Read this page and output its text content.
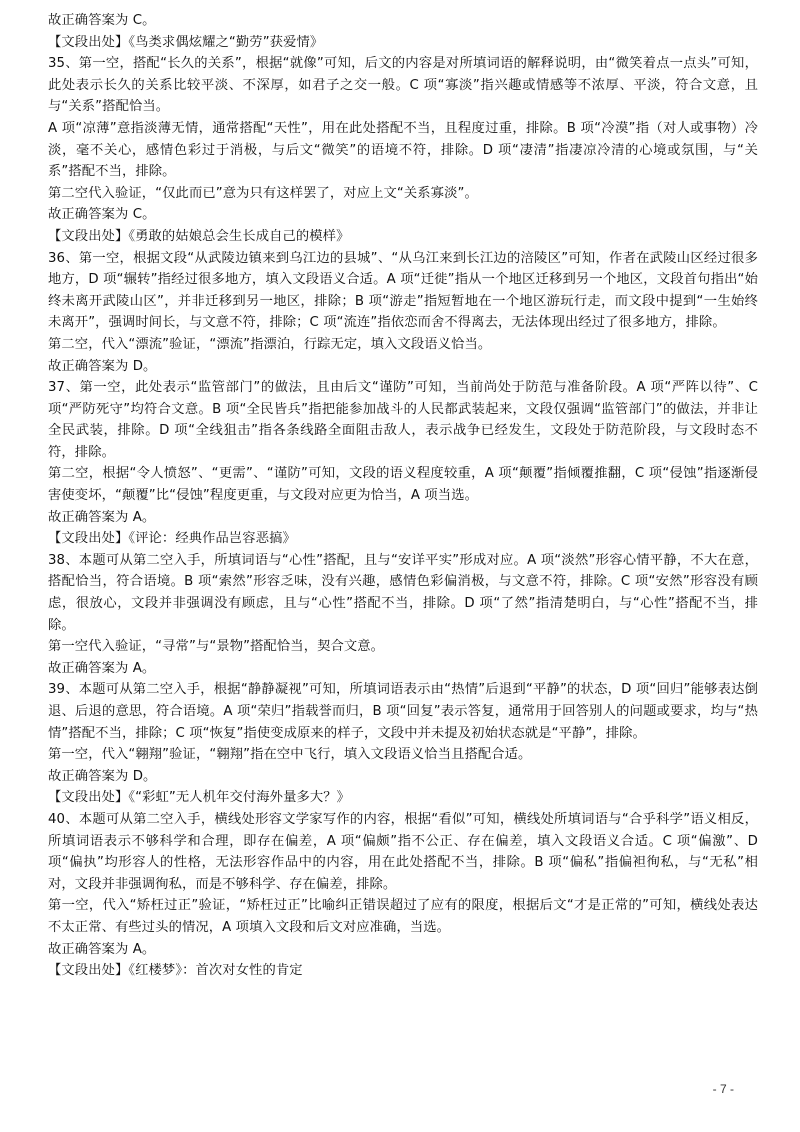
故正确答案为 C。

【文段出处】《鸟类求偶炫耀之“勤劳”获爱情》

35、第一空，搭配“长久的关系”，根据“就像”可知，后文的内容是对所填词语的解释说明，由“微笑着点一点头”可知，此处表示长久的关系比较平淡、不深厚，如君子之交一般。C 项“寡淡”指兴趣或情感等不浓厚、平淡，符合文意，且与“关系”搭配恰当。

A 项“凉薄”意指淡薄无情，通常搭配“天性”，用在此处搭配不当，且程度过重，排除。B 项“冷漠”指（对人或事物）冷淡，毫不关心，感情色彩过于消极，与后文“微笑”的语境不符，排除。D 项“凄清”指凄凉冷清的心境或氛围，与“关系”搭配不当，排除。

第二空代入验证，“仅此而已”意为只有这样罢了，对应上文“关系寡淡”。

故正确答案为 C。

【文段出处】《勇敢的姑娘总会生长成自己的模样》

36、第一空，根据文段“从武陵边镇来到乌江边的县城”、“从乌江来到长江边的涪陵区”可知，作者在武陵山区经过很多地方，D 项“辗转”指经过很多地方，填入文段语义合适。A 项“迁徙”指从一个地区迁移到另一个地区，文段首句指出“始终未离开武陵山区”，并非迁移到另一地区，排除；B 项“游走”指短暂地在一个地区游玩行走，而文段中提到“一生始终未离开”，强调时间长，与文意不符，排除；C 项“流连”指依恋而舍不得离去，无法体现出经过了很多地方，排除。

第二空，代入“漂流”验证，“漂流”指漂泊，行踪无定，填入文段语义恰当。

故正确答案为 D。

37、第一空，此处表示“监管部门”的做法，且由后文“谨防”可知，当前尚处于防范与准备阶段。A 项“严阵以待”、C 项“严防死守”均符合文意。B 项“全民皆兵”指把能参加战斗的人民都武装起来，文段仅强调“监管部门”的做法，并非让全民武装，排除。D 项“全线狙击”指各条线路全面阻击敌人，表示战争已经发生，文段处于防范阶段，与文段时态不符，排除。

第二空，根据“令人愤怒”、“更需”、“谨防”可知，文段的语义程度较重，A 项“颠覆”指倾覆推翻，C 项“侵蚀”指逐渐侵害使变坏，“颠覆”比“侵蚀”程度更重，与文段对应更为恰当，A 项当选。

故正确答案为 A。

【文段出处】《评论：经典作品岂容恶搞》

38、本题可从第二空入手，所填词语与“心性”搭配，且与“安详平实”形成对应。A 项“淡然”形容心情平静，不大在意，搭配恰当，符合语境。B 项“索然”形容乏味，没有兴趣，感情色彩偏消极，与文意不符，排除。C 项“安然”形容没有顾虑，很放心，文段并非强调没有顾虑，且与“心性”搭配不当，排除。D 项“了然”指清楚明白，与“心性”搭配不当，排除。

第一空代入验证，“寻常”与“景物”搭配恰当，契合文意。

故正确答案为 A。

39、本题可从第二空入手，根据“静静凝视”可知，所填词语表示由“热情”后退到“平静”的状态，D 项“回归”能够表达倒退、后退的意思，符合语境。A 项“荣归”指载誉而归，B 项“回复”表示答复，通常用于回答别人的问题或要求，均与“热情”搭配不当，排除；C 项“恢复”指使变成原来的样子，文段中并未提及初始状态就是“平静”，排除。

第一空，代入“翱翔”验证，“翱翔”指在空中飞行，填入文段语义恰当且搭配合适。

故正确答案为 D。

【文段出处】《“彩虹”无人机年交付海外量多大？》

40、本题可从第二空入手，横线处形容文学家写作的内容，根据“看似”可知，横线处所填词语与“合乎科学”语义相反，所填词语表示不够科学和合理，即存在偏差，A 项“偏颇”指不公正、存在偏差，填入文段语义合适。C 项“偏激”、D 项“偏执”均形容人的性格，无法形容作品中的内容，用在此处搭配不当，排除。B 项“偏私”指偏袒徇私，与“无私”相对，文段并非强调徇私，而是不够科学、存在偏差，排除。

第一空，代入“矫枉过正”验证，“矫枉过正”比喻纠正错误超过了应有的限度，根据后文“才是正常的”可知，横线处表达不太正常、有些过头的情况，A 项填入文段和后文对应准确，当选。

故正确答案为 A。

【文段出处】《红楼梦》：首次对女性的肯定

- 7 -
